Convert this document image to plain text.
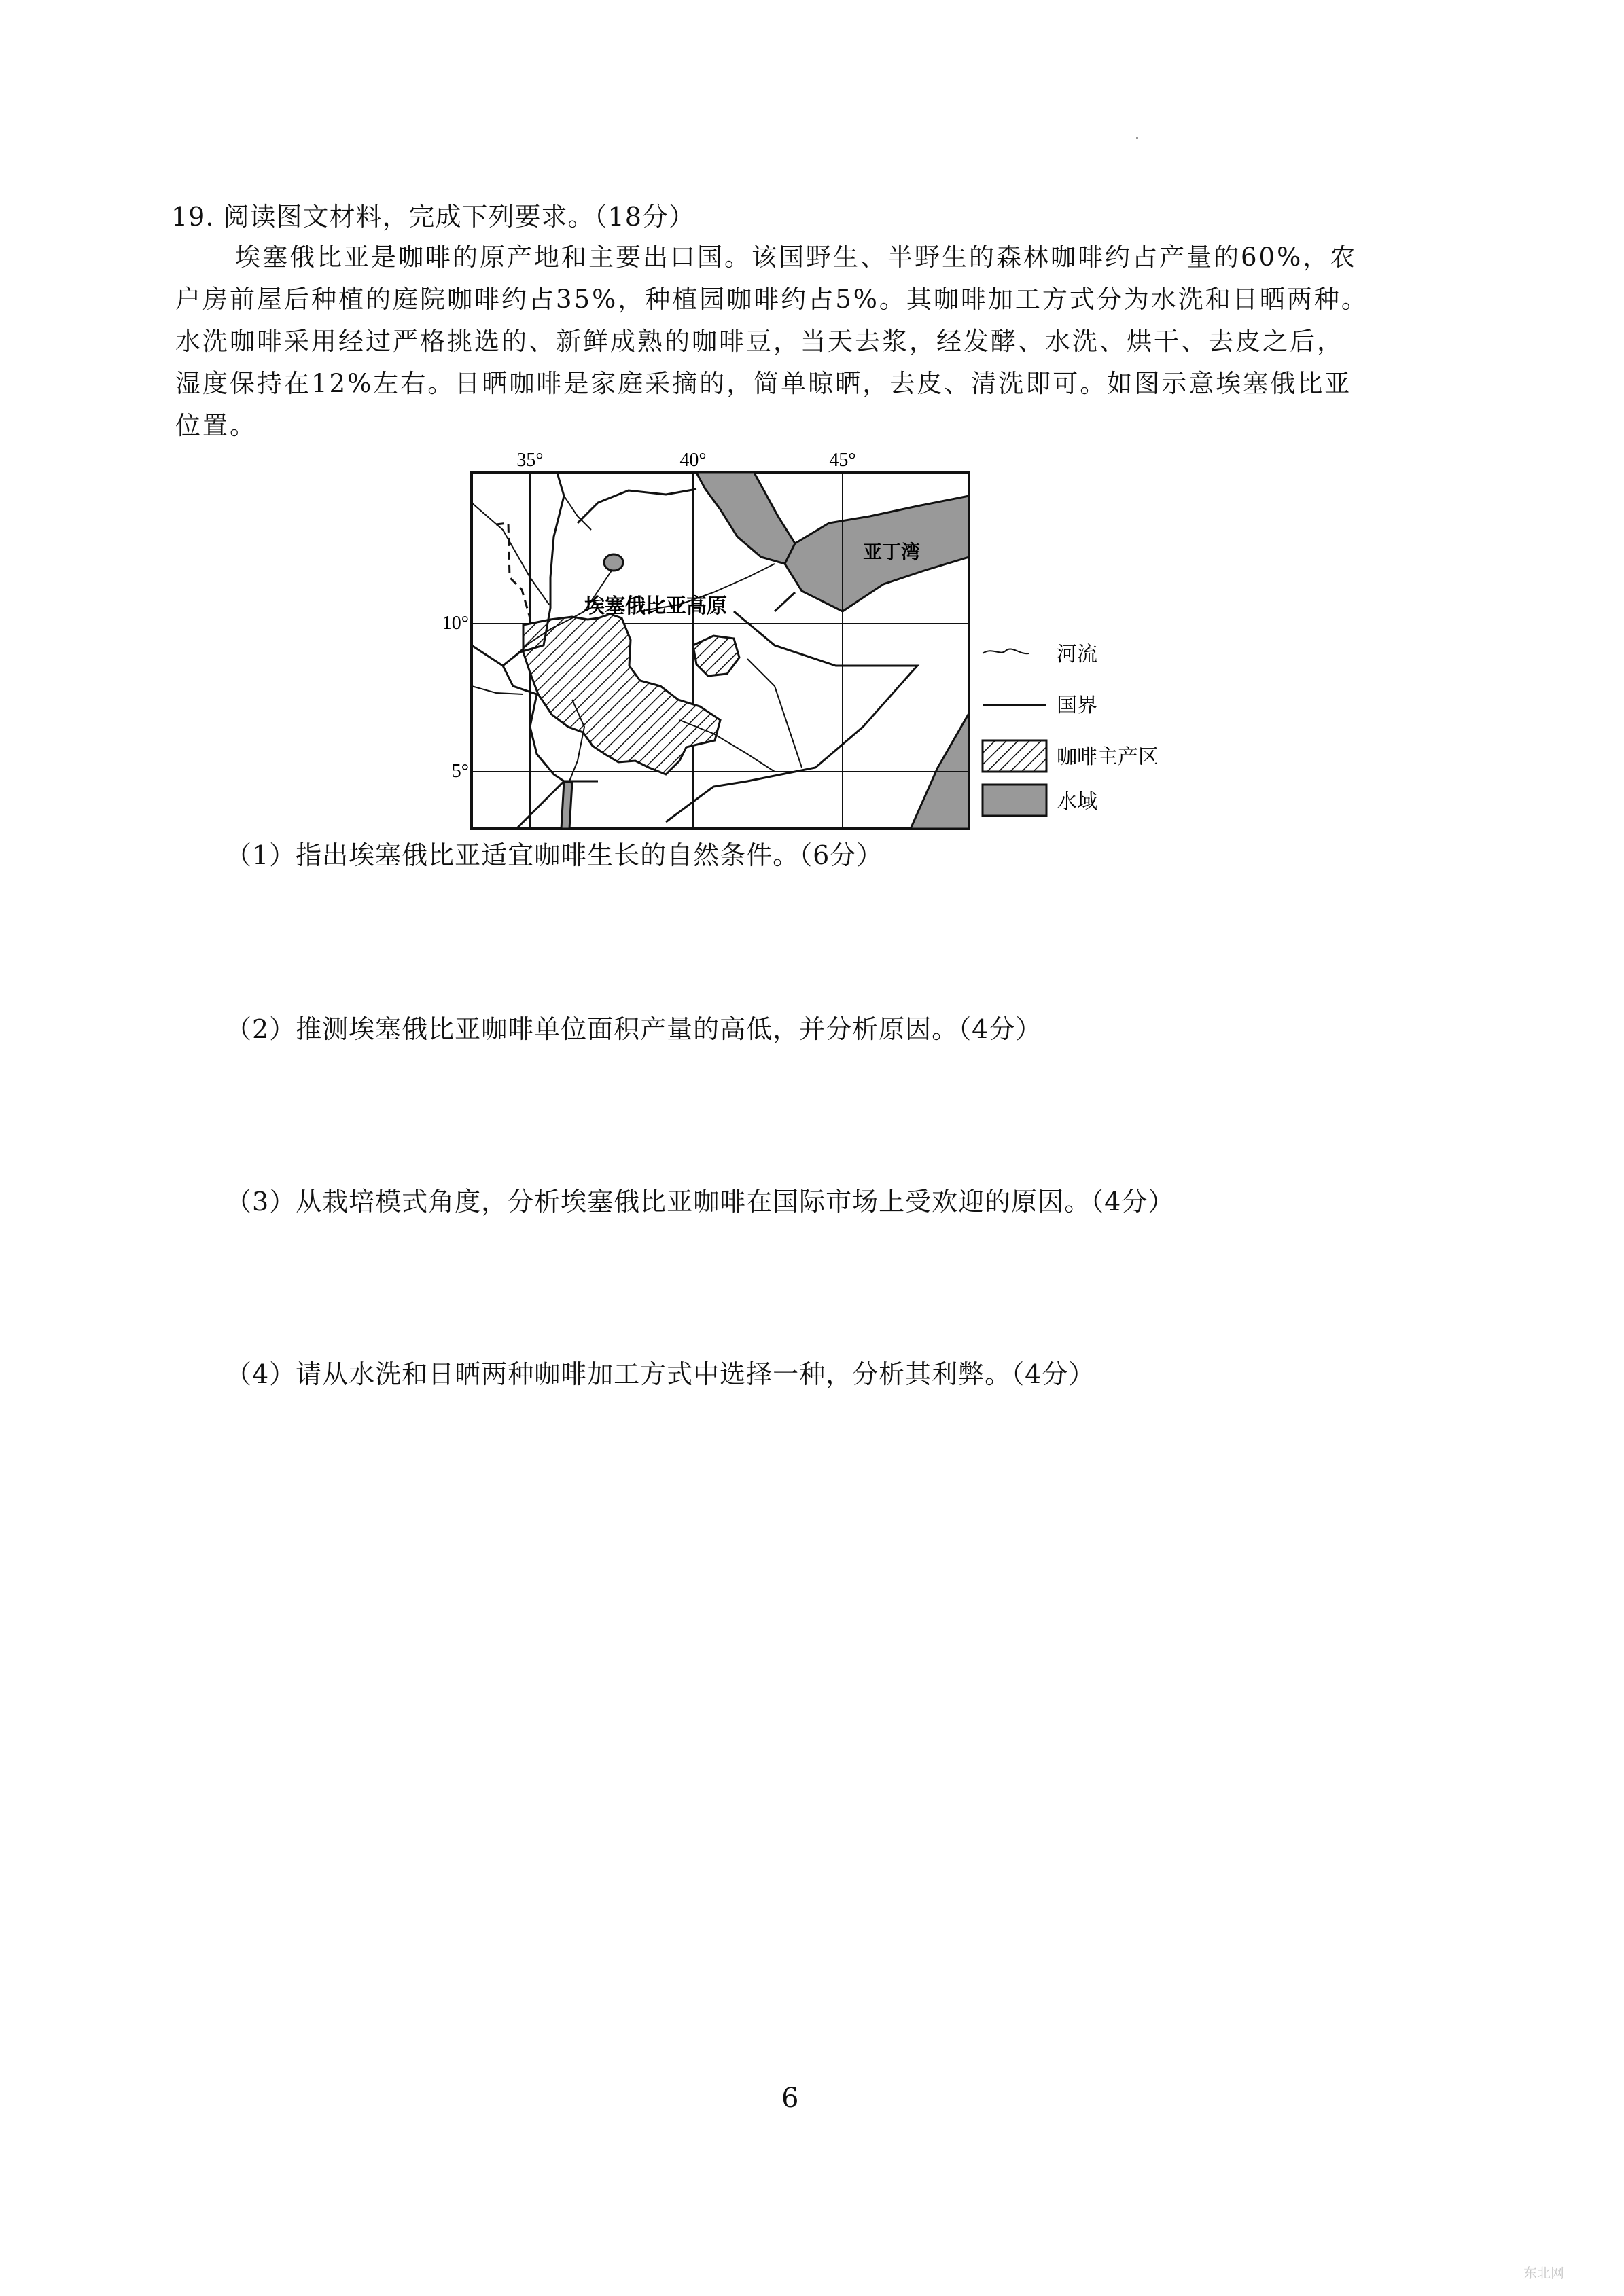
19. 阅读图文材料，完成下列要求。（18分）

埃塞俄比亚是咖啡的原产地和主要出口国。该国野生、半野生的森林咖啡约占产量的60%，农

户房前屋后种植的庭院咖啡约占35%，种植园咖啡约占5%。其咖啡加工方式分为水洗和日晒两种。

水洗咖啡采用经过严格挑选的、新鲜成熟的咖啡豆，当天去浆，经发酵、水洗、烘干、去皮之后，

湿度保持在12%左右。日晒咖啡是家庭采摘的，简单晾晒，去皮、清洗即可。如图示意埃塞俄比亚

位置。

35°	40°	45°
10°
5°
埃塞俄比亚高原
亚丁湾
河流
国界
咖啡主产区
水域
（1）指出埃塞俄比亚适宜咖啡生长的自然条件。（6分）
（2）推测埃塞俄比亚咖啡单位面积产量的高低，并分析原因。（4分）
（3）从栽培模式角度，分析埃塞俄比亚咖啡在国际市场上受欢迎的原因。（4分）
（4）请从水洗和日晒两种咖啡加工方式中选择一种，分析其利弊。（4分）
6
东北网
